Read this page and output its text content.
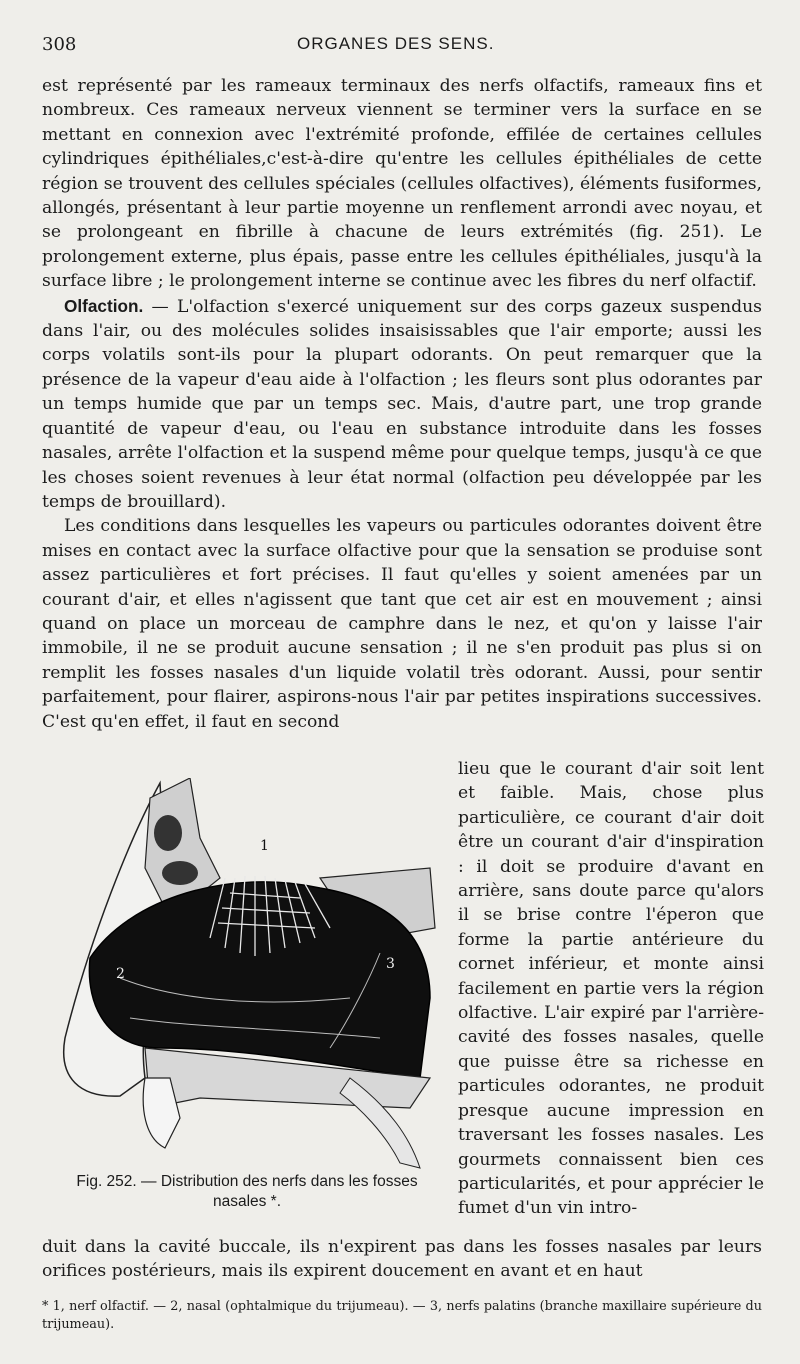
308	ORGANES DES SENS.

est représenté par les rameaux terminaux des nerfs olfactifs, rameaux fins et nombreux. Ces rameaux nerveux viennent se terminer vers la surface en se mettant en connexion avec l'extrémité profonde, effilée de certaines cellules cylindriques épithéliales,c'est-à-dire qu'entre les cellules épithéliales de cette région se trouvent des cellules spéciales (cellules olfactives), éléments fusiformes, allongés, présentant à leur partie moyenne un renflement arrondi avec noyau, et se prolongeant en fibrille à chacune de leurs extrémités (fig. 251). Le prolongement externe, plus épais, passe entre les cellules épithéliales, jusqu'à la surface libre ; le prolongement interne se continue avec les fibres du nerf olfactif.

Olfaction. — L'olfaction s'exercé uniquement sur des corps gazeux suspendus dans l'air, ou des molécules solides insaisissables que l'air emporte; aussi les corps volatils sont-ils pour la plupart odorants. On peut remarquer que la présence de la vapeur d'eau aide à l'olfaction ; les fleurs sont plus odorantes par un temps humide que par un temps sec. Mais, d'autre part, une trop grande quantité de vapeur d'eau, ou l'eau en substance introduite dans les fosses nasales, arrête l'olfaction et la suspend même pour quelque temps, jusqu'à ce que les choses soient revenues à leur état normal (olfaction peu développée par les temps de brouillard).

Les conditions dans lesquelles les vapeurs ou particules odorantes doivent être mises en contact avec la surface olfactive pour que la sensation se produise sont assez particulières et fort précises. Il faut qu'elles y soient amenées par un courant d'air, et elles n'agissent que tant que cet air est en mouvement ; ainsi quand on place un morceau de camphre dans le nez, et qu'on y laisse l'air immobile, il ne se produit aucune sensation ; il ne s'en produit pas plus si on remplit les fosses nasales d'un liquide volatil très odorant. Aussi, pour sentir parfaitement, pour flairer, aspirons-nous l'air par petites inspirations successives. C'est qu'en effet, il faut en second

1
2
3
Fig. 252. — Distribution des nerfs dans les fosses nasales *.
lieu que le courant d'air soit lent et faible. Mais, chose plus particulière, ce courant d'air doit être un courant d'air d'inspiration : il doit se produire d'avant en arrière, sans doute parce qu'alors il se brise contre l'éperon que forme la partie antérieure du cornet inférieur, et monte ainsi facilement en partie vers la région olfactive. L'air expiré par l'arrière-cavité des fosses nasales, quelle que puisse être sa richesse en particules odorantes, ne produit presque aucune impression en traversant les fosses nasales. Les gourmets connaissent bien ces particularités, et pour apprécier le fumet d'un vin intro-
duit dans la cavité buccale, ils n'expirent pas dans les fosses nasales par leurs orifices postérieurs, mais ils expirent doucement en avant et en haut
* 1, nerf olfactif. — 2, nasal (ophtalmique du trijumeau). — 3, nerfs palatins (branche maxillaire supérieure du trijumeau).
